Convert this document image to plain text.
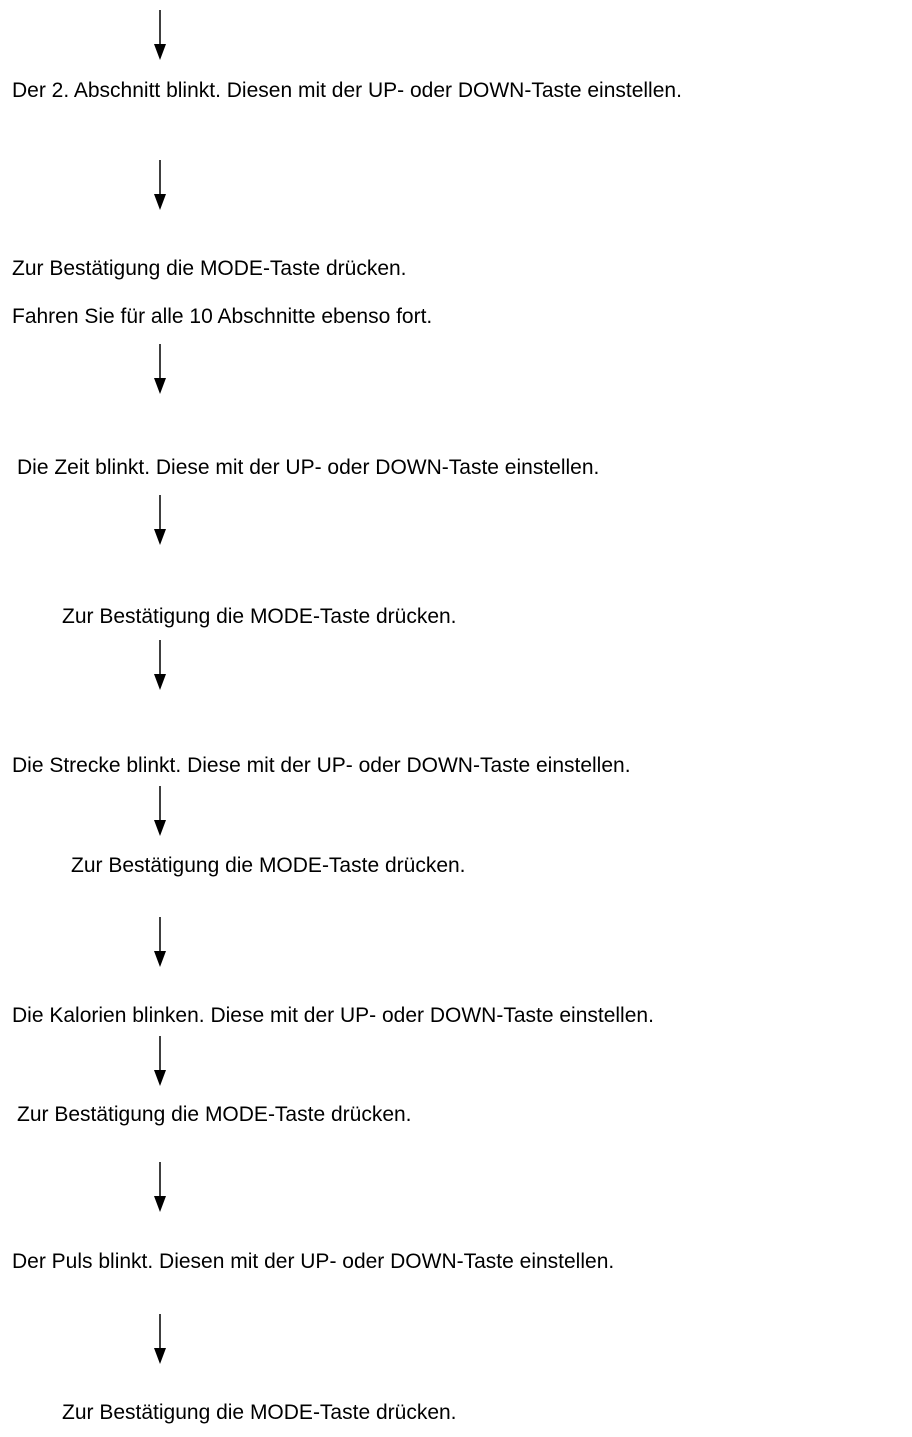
Der 2. Abschnitt blinkt. Diesen mit der UP- oder DOWN-Taste einstellen.

Zur Bestätigung die MODE-Taste drücken.

Fahren Sie für alle 10 Abschnitte ebenso fort.

Die Zeit blinkt. Diese mit der UP- oder DOWN-Taste einstellen.

Zur Bestätigung die MODE-Taste drücken.

Die Strecke blinkt. Diese mit der UP- oder DOWN-Taste einstellen.

Zur Bestätigung die MODE-Taste drücken.

Die Kalorien blinken. Diese mit der UP- oder DOWN-Taste einstellen.

Zur Bestätigung die MODE-Taste drücken.

Der Puls blinkt. Diesen mit der UP- oder DOWN-Taste einstellen.

Zur Bestätigung die MODE-Taste drücken.
